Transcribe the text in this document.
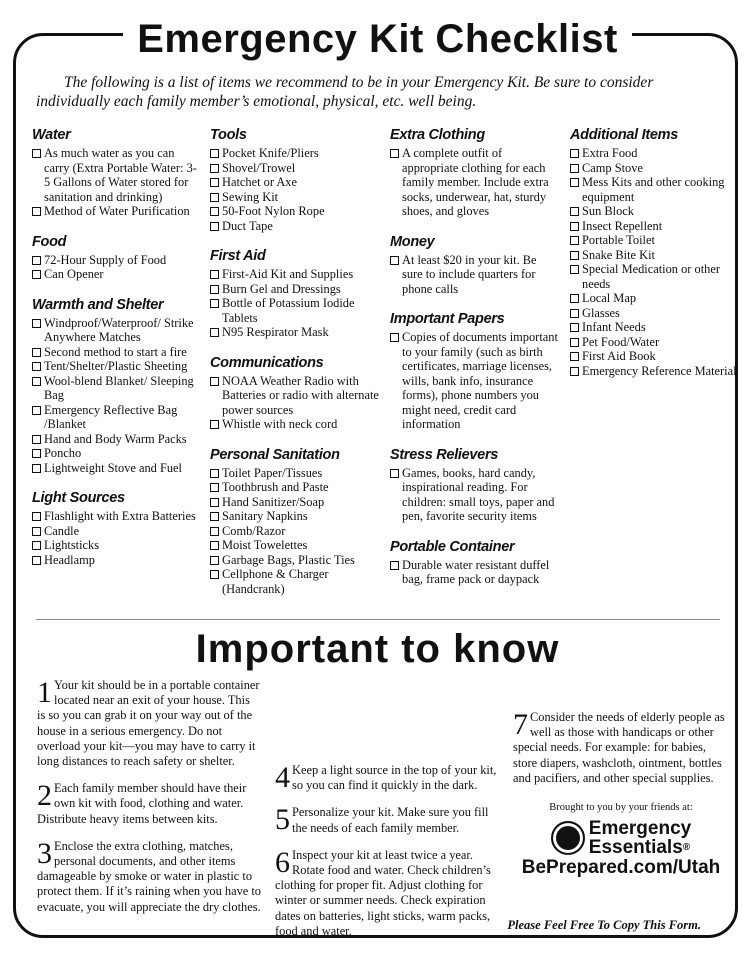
Emergency Kit Checklist

The following is a list of items we recommend to be in your Emergency Kit. Be sure to consider individually each family member’s emotional, physical, etc. well being.

Water
As much water as you can carry (Extra Portable Water: 3-5 Gallons of Water stored for sanitation and drinking)
Method of Water Purification
Food
72-Hour Supply of Food
Can Opener
Warmth and Shelter
Windproof/Waterproof/ Strike Anywhere Matches
Second method to start a fire
Tent/Shelter/Plastic Sheeting
Wool-blend Blanket/ Sleeping Bag
Emergency Reflective Bag /Blanket
Hand and Body Warm Packs
Poncho
Lightweight Stove and Fuel
Light Sources
Flashlight with Extra Batteries
Candle
Lightsticks
Headlamp
Tools
Pocket Knife/Pliers
Shovel/Trowel
Hatchet or Axe
Sewing Kit
50-Foot Nylon Rope
Duct Tape
First Aid
First-Aid Kit and Supplies
Burn Gel and Dressings
Bottle of Potassium Iodide Tablets
N95 Respirator Mask
Communications
NOAA Weather Radio with Batteries or radio with alternate power sources
Whistle with neck cord
Personal Sanitation
Toilet Paper/Tissues
Toothbrush and Paste
Hand Sanitizer/Soap
Sanitary Napkins
Comb/Razor
Moist Towelettes
Garbage Bags, Plastic Ties
Cellphone & Charger (Handcrank)
Extra Clothing
A complete outfit of appropriate clothing for each family member. Include extra socks, underwear, hat, sturdy shoes, and gloves
Money
At least $20 in your kit. Be sure to include quarters for phone calls
Important Papers
Copies of documents important to your family (such as birth certificates, marriage licenses, wills, bank info, insurance forms), phone numbers you might need, credit card information
Stress Relievers
Games, books, hard candy, inspirational reading. For children: small toys, paper and pen, favorite security items
Portable Container
Durable water resistant duffel bag, frame pack or daypack
Additional Items
Extra Food
Camp Stove
Mess Kits and other cooking equipment
Sun Block
Insect Repellent
Portable Toilet
Snake Bite Kit
Special Medication or other needs
Local Map
Glasses
Infant Needs
Pet Food/Water
First Aid Book
Emergency Reference Material
Important to know
1 Your kit should be in a portable container located near an exit of your house. This is so you can grab it on your way out of the house in a serious emergency. Do not overload your kit—you may have to carry it long distances to reach safety or shelter.
2 Each family member should have their own kit with food, clothing and water. Distribute heavy items between kits.
3 Enclose the extra clothing, matches, personal documents, and other items damageable by smoke or water in plastic to protect them. If it’s raining when you have to evacuate, you will appreciate the dry clothes.
4 Keep a light source in the top of your kit, so you can find it quickly in the dark.
5 Personalize your kit. Make sure you fill the needs of each family member.
6 Inspect your kit at least twice a year. Rotate food and water. Check children’s clothing for proper fit. Adjust clothing for winter or summer needs. Check expiration dates on batteries, light sticks, warm packs, food and water.
7 Consider the needs of elderly people as well as those with handicaps or other special needs. For example: for babies, store diapers, washcloth, ointment, bottles and pacifiers, and other special supplies.
Brought to you by your friends at:
Emergency
Essentials®
BePrepared.com/Utah
Please Feel Free To Copy This Form.
